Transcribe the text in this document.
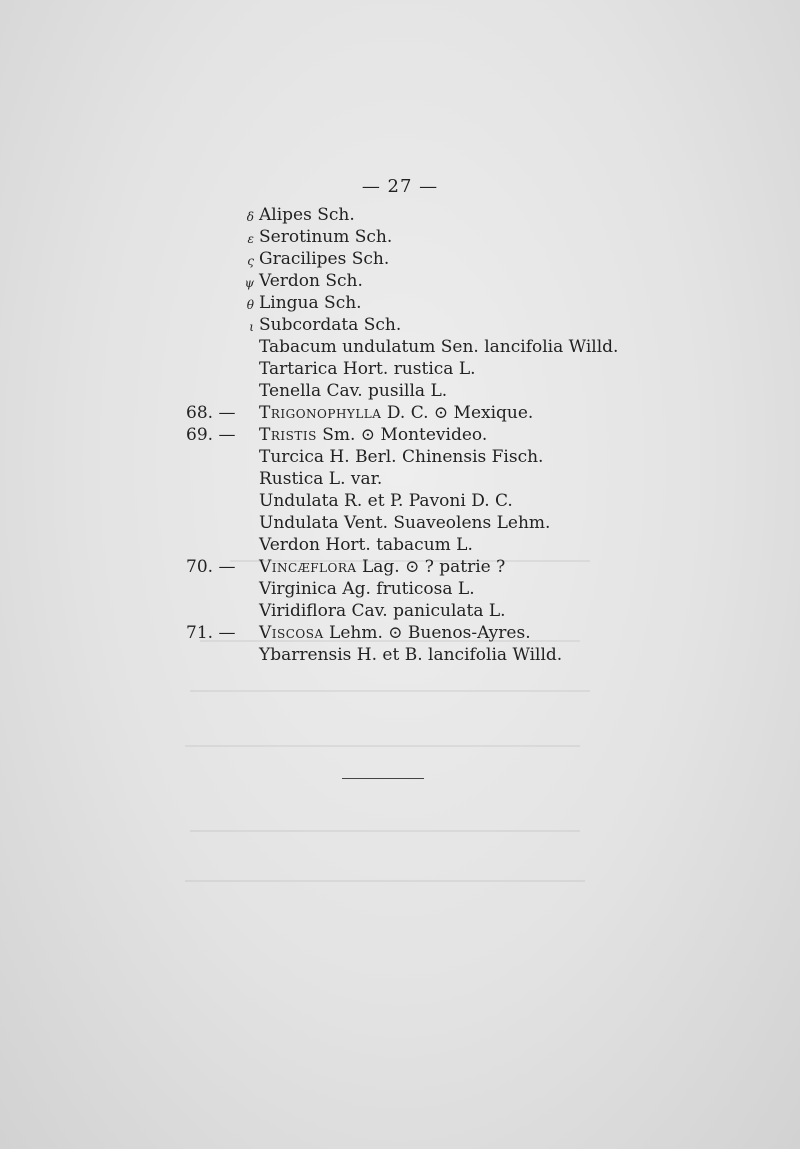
— 27 —
δ Alipes Sch.
ε Serotinum Sch.
ς Gracilipes Sch.
ψ Verdon Sch.
θ Lingua Sch.
ι Subcordata Sch.
Tabacum undulatum Sen. lancifolia Willd.
Tartarica Hort. rustica L.
Tenella Cav. pusilla L.
68. —	Trigonophylla D. C. ⊙ Mexique.
69. —	Tristis Sm. ⊙ Montevideo.
Turcica H. Berl. Chinensis Fisch.
Rustica L. var.
Undulata R. et P. Pavoni D. C.
Undulata Vent. Suaveolens Lehm.
Verdon Hort. tabacum L.
70. —	Vincæflora Lag. ⊙ ? patrie ?
Virginica Ag. fruticosa L.
Viridiflora Cav. paniculata L.
71. —	Viscosa Lehm. ⊙ Buenos-Ayres.
Ybarrensis H. et B. lancifolia Willd.
